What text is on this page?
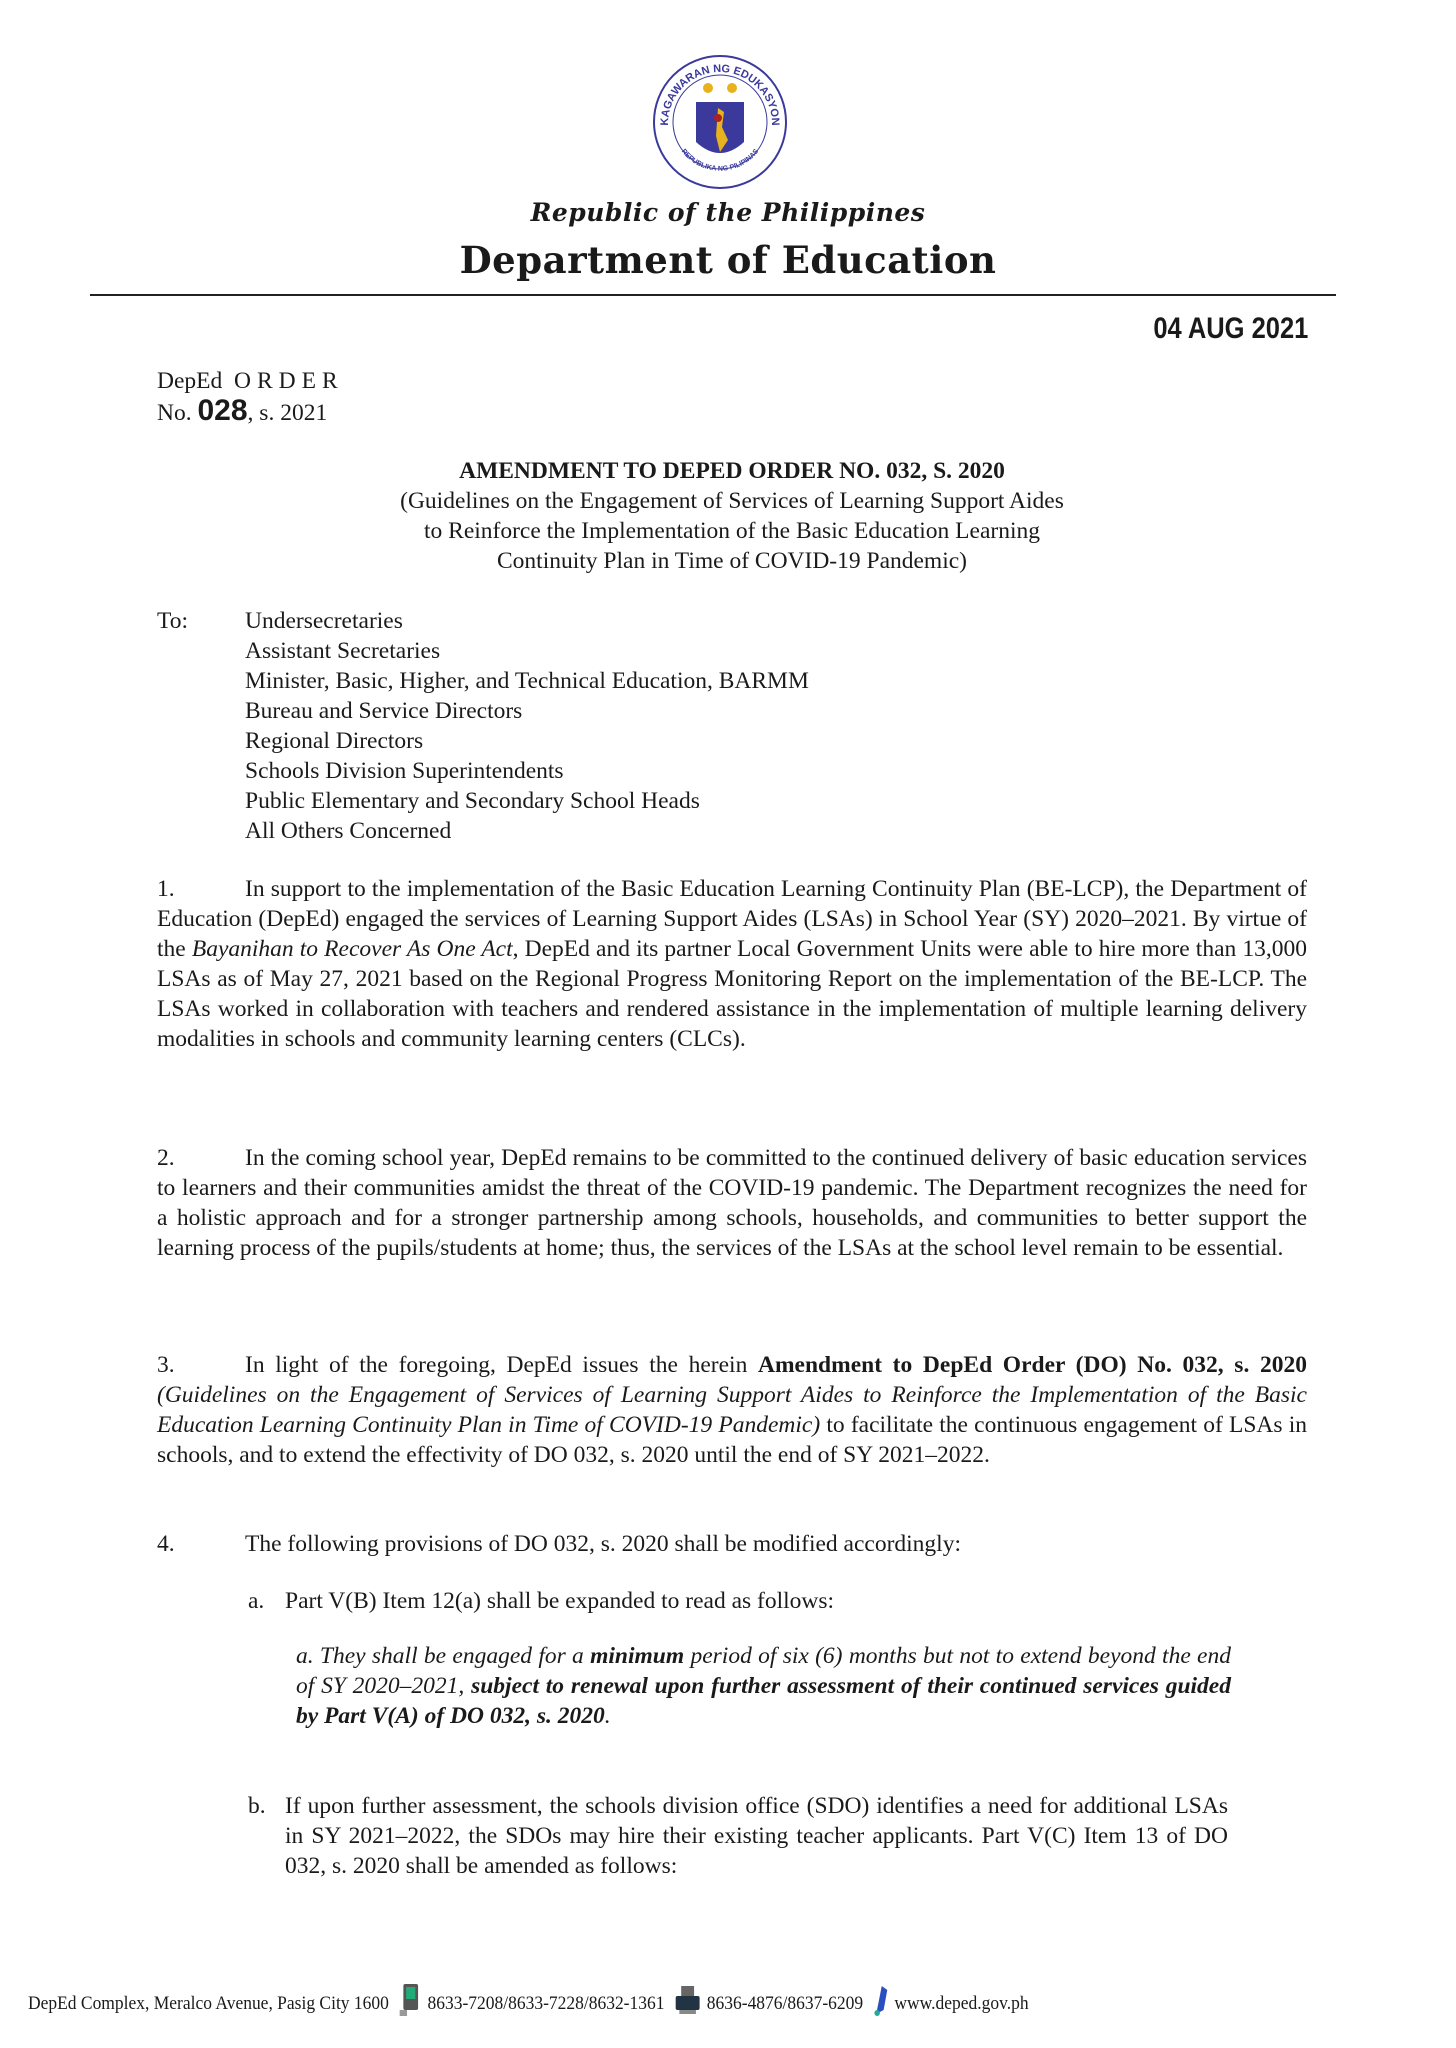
KAGAWARAN NG EDUKASYON
REPUBLIKA NG PILIPINAS
Republic of the Philippines
Department of Education
04 AUG 2021
DepEd ORDER
No. 028, s. 2021
AMENDMENT TO DEPED ORDER NO. 032, S. 2020
(Guidelines on the Engagement of Services of Learning Support Aides
to Reinforce the Implementation of the Basic Education Learning
Continuity Plan in Time of COVID-19 Pandemic)
To: Undersecretaries
Assistant Secretaries
Minister, Basic, Higher, and Technical Education, BARMM
Bureau and Service Directors
Regional Directors
Schools Division Superintendents
Public Elementary and Secondary School Heads
All Others Concerned
1.	In support to the implementation of the Basic Education Learning Continuity Plan (BE-LCP), the Department of Education (DepEd) engaged the services of Learning Support Aides (LSAs) in School Year (SY) 2020–2021. By virtue of the Bayanihan to Recover As One Act, DepEd and its partner Local Government Units were able to hire more than 13,000 LSAs as of May 27, 2021 based on the Regional Progress Monitoring Report on the implementation of the BE-LCP. The LSAs worked in collaboration with teachers and rendered assistance in the implementation of multiple learning delivery modalities in schools and community learning centers (CLCs).
2.	In the coming school year, DepEd remains to be committed to the continued delivery of basic education services to learners and their communities amidst the threat of the COVID-19 pandemic. The Department recognizes the need for a holistic approach and for a stronger partnership among schools, households, and communities to better support the learning process of the pupils/students at home; thus, the services of the LSAs at the school level remain to be essential.
3.	In light of the foregoing, DepEd issues the herein Amendment to DepEd Order (DO) No. 032, s. 2020 (Guidelines on the Engagement of Services of Learning Support Aides to Reinforce the Implementation of the Basic Education Learning Continuity Plan in Time of COVID-19 Pandemic) to facilitate the continuous engagement of LSAs in schools, and to extend the effectivity of DO 032, s. 2020 until the end of SY 2021–2022.
4.	The following provisions of DO 032, s. 2020 shall be modified accordingly:
a. Part V(B) Item 12(a) shall be expanded to read as follows:
a. They shall be engaged for a minimum period of six (6) months but not to extend beyond the end of SY 2020–2021, subject to renewal upon further assessment of their continued services guided by Part V(A) of DO 032, s. 2020.
b. If upon further assessment, the schools division office (SDO) identifies a need for additional LSAs in SY 2021–2022, the SDOs may hire their existing teacher applicants. Part V(C) Item 13 of DO 032, s. 2020 shall be amended as follows:
DepEd Complex, Meralco Avenue, Pasig City 1600 8633-7208/8633-7228/8632-1361 8636-4876/8637-6209 www.deped.gov.ph
